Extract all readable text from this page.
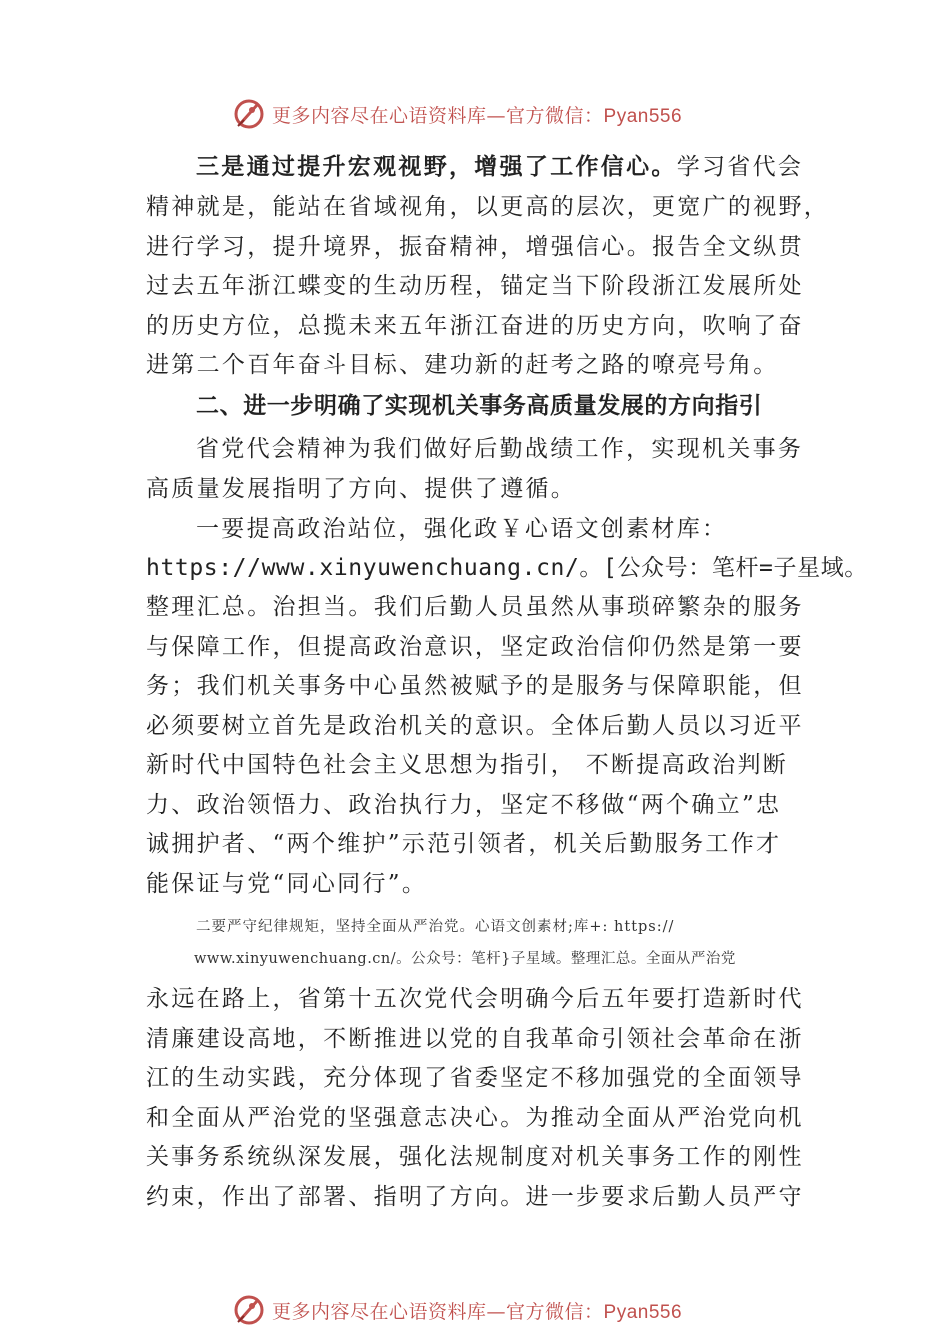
更多内容尽在心语资料库—官方微信：Pyan556
三是通过提升宏观视野，增强了工作信心。学习省代会
精神就是，能站在省域视角，以更高的层次，更宽广的视野，
进行学习，提升境界，振奋精神，增强信心。报告全文纵贯
过去五年浙江蝶变的生动历程，锚定当下阶段浙江发展所处
的历史方位，总揽未来五年浙江奋进的历史方向，吹响了奋
进第二个百年奋斗目标、建功新的赶考之路的嘹亮号角。
二、进一步明确了实现机关事务高质量发展的方向指引
省党代会精神为我们做好后勤战绩工作，实现机关事务
高质量发展指明了方向、提供了遵循。
一要提高政治站位，强化政￥心语文创素材库：
https://www.xinyuwenchuang.cn/。[公众号：笔杆=子星域。
整理汇总。治担当。我们后勤人员虽然从事琐碎繁杂的服务
与保障工作，但提高政治意识，坚定政治信仰仍然是第一要
务；我们机关事务中心虽然被赋予的是服务与保障职能，但
必须要树立首先是政治机关的意识。全体后勤人员以习近平
新时代中国特色社会主义思想为指引， 不断提高政治判断
力、政治领悟力、政治执行力，坚定不移做“两个确立”忠
诚拥护者、“两个维护”示范引领者，机关后勤服务工作才
能保证与党“同心同行”。
二要严守纪律规矩，坚持全面从严治党。心语文创素材;库+: https://
www.xinyuwenchuang.cn/。公众号：笔杆}子星域。整理汇总。全面从严治党
永远在路上，省第十五次党代会明确今后五年要打造新时代
清廉建设高地，不断推进以党的自我革命引领社会革命在浙
江的生动实践，充分体现了省委坚定不移加强党的全面领导
和全面从严治党的坚强意志决心。为推动全面从严治党向机
关事务系统纵深发展，强化法规制度对机关事务工作的刚性
约束，作出了部署、指明了方向。进一步要求后勤人员严守
更多内容尽在心语资料库—官方微信：Pyan556
